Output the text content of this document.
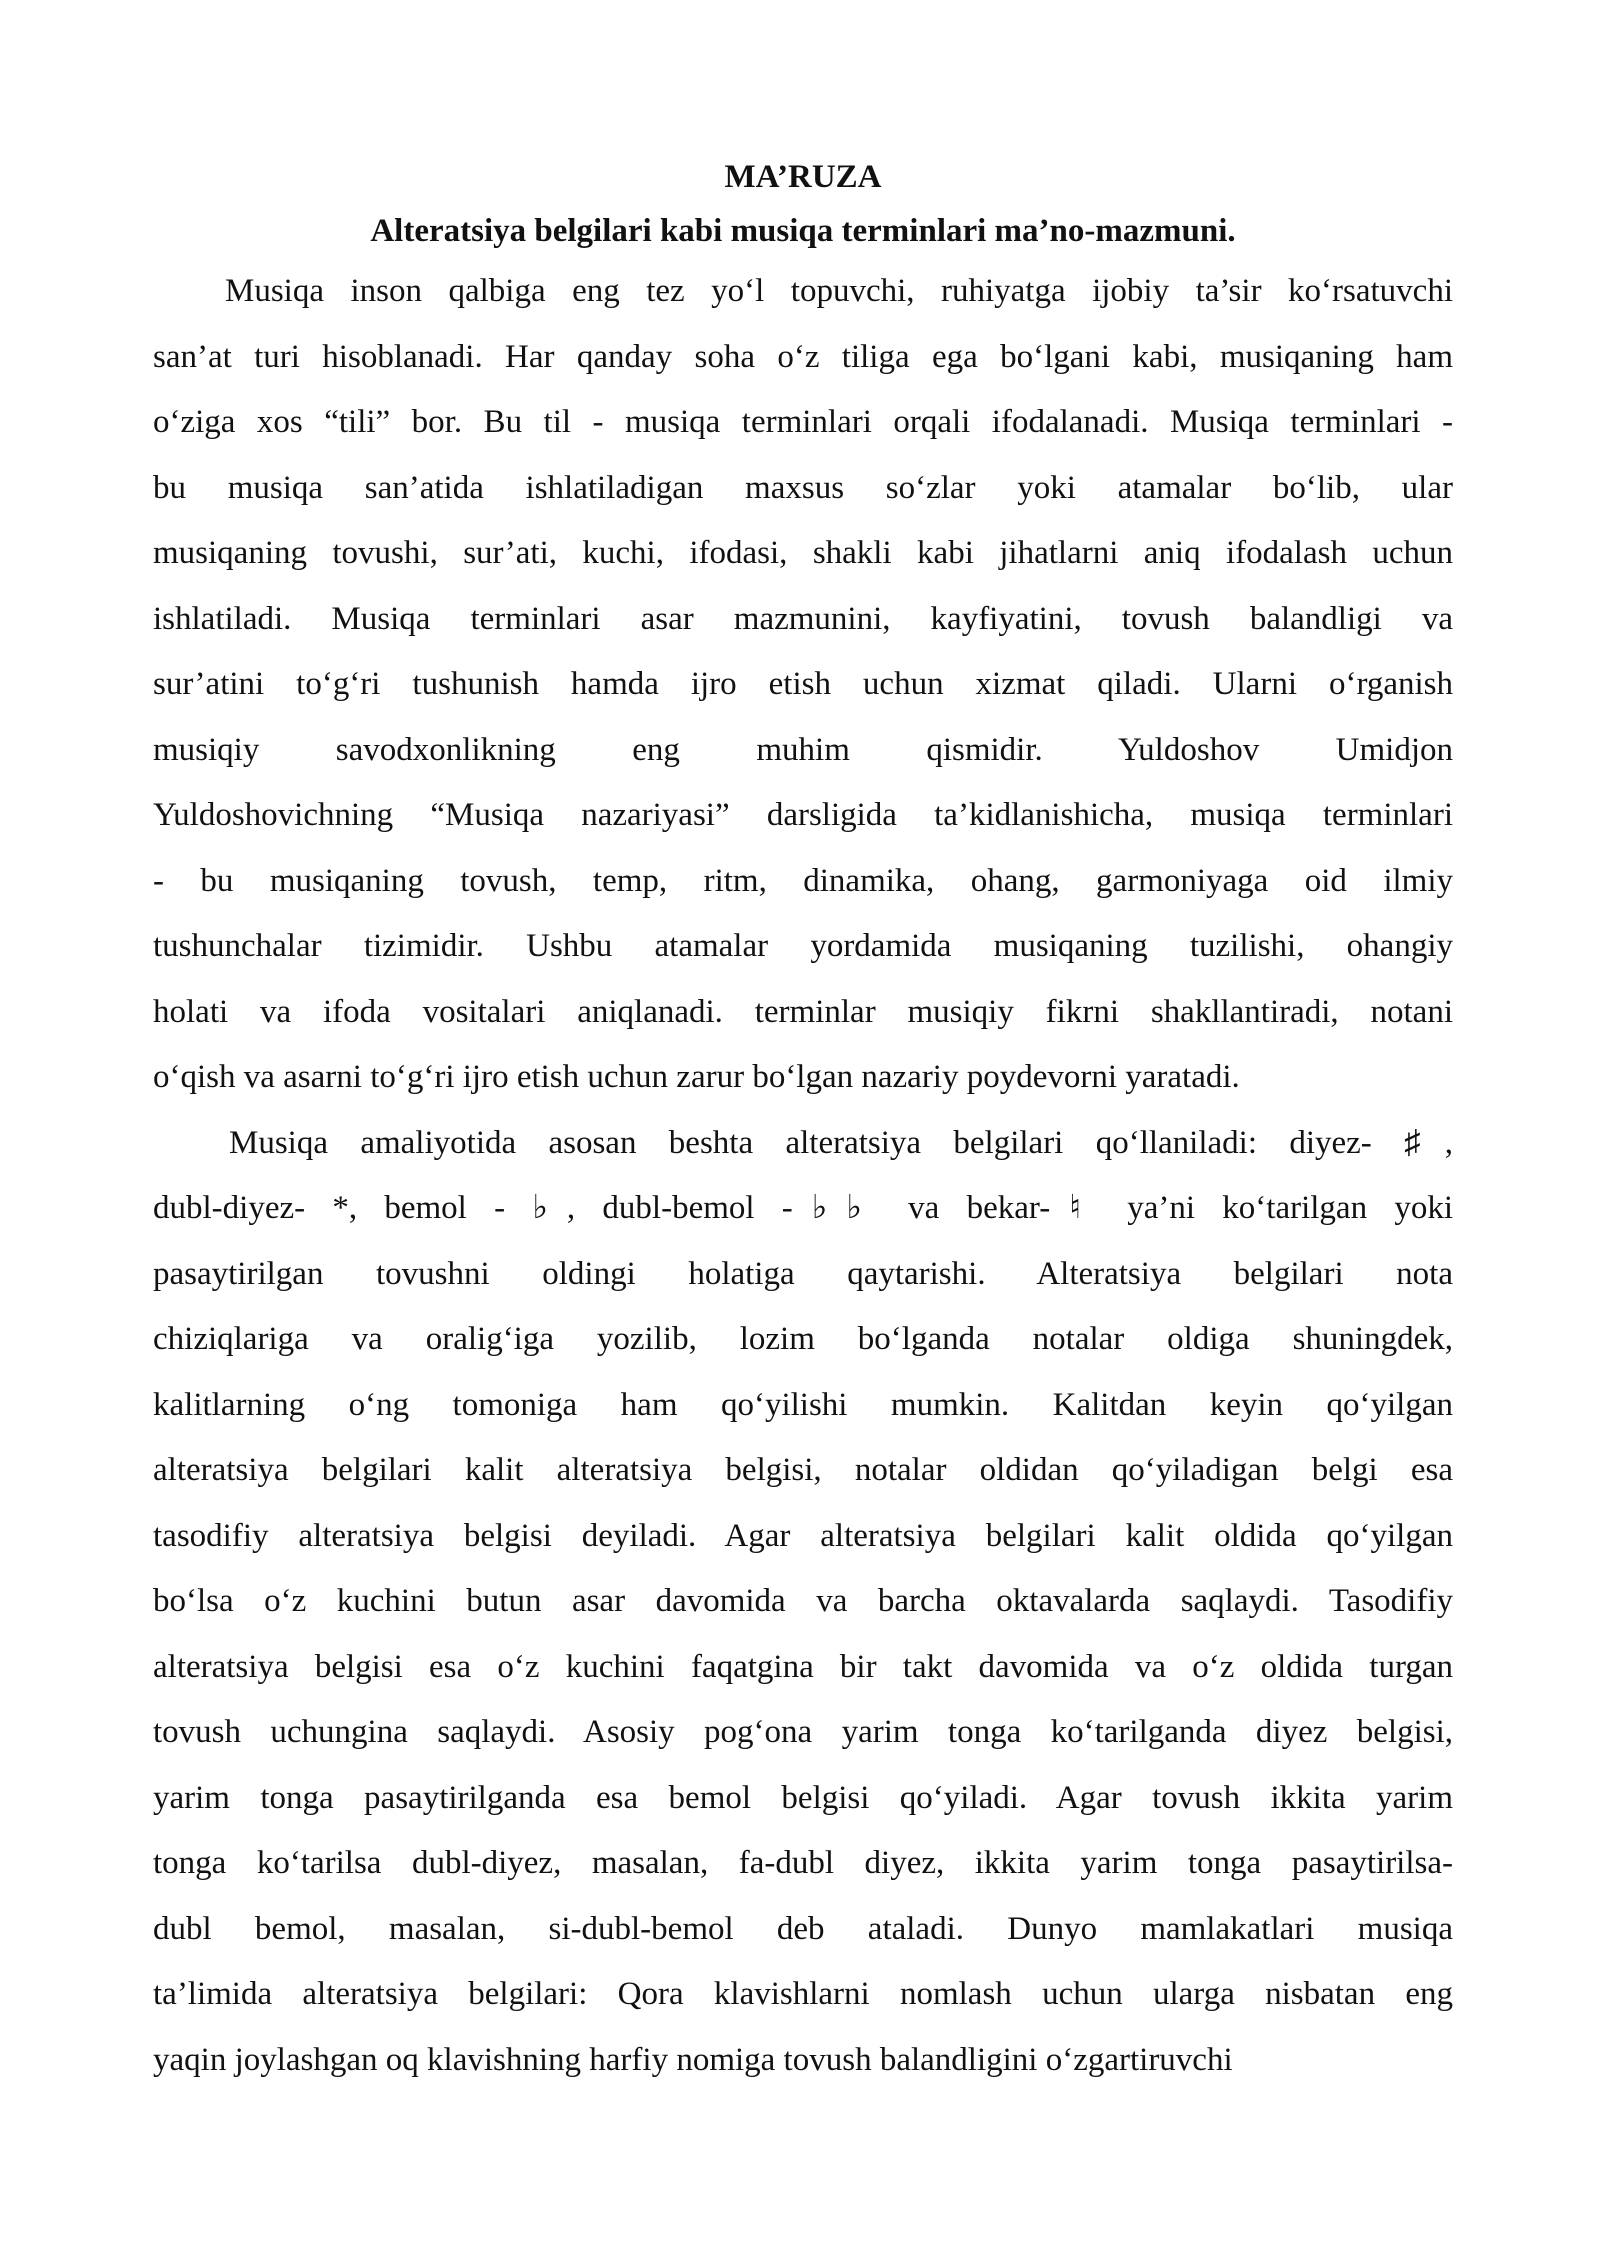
MA’RUZA

Alteratsiya belgilari kabi musiqa terminlari ma’no-mazmuni.

Musiqa inson qalbiga eng tez yo‘l topuvchi, ruhiyatga ijobiy ta’sir ko‘rsatuvchi
san’at turi hisoblanadi. Har qanday soha o‘z tiliga ega bo‘lgani kabi, musiqaning ham
o‘ziga xos “tili” bor. Bu til - musiqa terminlari orqali ifodalanadi. Musiqa terminlari -
bu musiqa san’atida ishlatiladigan maxsus so‘zlar yoki atamalar bo‘lib, ular
musiqaning tovushi, sur’ati, kuchi, ifodasi, shakli kabi jihatlarni aniq ifodalash uchun
ishlatiladi. Musiqa terminlari asar mazmunini, kayfiyatini, tovush balandligi va
sur’atini to‘g‘ri tushunish hamda ijro etish uchun xizmat qiladi. Ularni o‘rganish
musiqiy savodxonlikning eng muhim qismidir. Yuldoshov Umidjon
Yuldoshovichning “Musiqa nazariyasi” darsligida ta’kidlanishicha, musiqa terminlari
- bu musiqaning tovush, temp, ritm, dinamika, ohang, garmoniyaga oid ilmiy
tushunchalar tizimidir. Ushbu atamalar yordamida musiqaning tuzilishi, ohangiy
holati va ifoda vositalari aniqlanadi. terminlar musiqiy fikrni shakllantiradi, notani
o‘qish va asarni to‘g‘ri ijro etish uchun zarur bo‘lgan nazariy poydevorni yaratadi.
Musiqa amaliyotida asosan beshta alteratsiya belgilari qo‘llaniladi: diyez- ♯,
dubl-diyez- *, bemol - ♭, dubl-bemol -♭♭ va bekar-♮ ya’ni ko‘tarilgan yoki
pasaytirilgan tovushni oldingi holatiga qaytarishi. Alteratsiya belgilari nota
chiziqlariga va oralig‘iga yozilib, lozim bo‘lganda notalar oldiga shuningdek,
kalitlarning o‘ng tomoniga ham qo‘yilishi mumkin. Kalitdan keyin qo‘yilgan
alteratsiya belgilari kalit alteratsiya belgisi, notalar oldidan qo‘yiladigan belgi esa
tasodifiy alteratsiya belgisi deyiladi. Agar alteratsiya belgilari kalit oldida qo‘yilgan
bo‘lsa o‘z kuchini butun asar davomida va barcha oktavalarda saqlaydi. Tasodifiy
alteratsiya belgisi esa o‘z kuchini faqatgina bir takt davomida va o‘z oldida turgan
tovush uchungina saqlaydi. Asosiy pog‘ona yarim tonga ko‘tarilganda diyez belgisi,
yarim tonga pasaytirilganda esa bemol belgisi qo‘yiladi. Agar tovush ikkita yarim
tonga ko‘tarilsa dubl-diyez, masalan, fa-dubl diyez, ikkita yarim tonga pasaytirilsa-
dubl bemol, masalan, si-dubl-bemol deb ataladi. Dunyo mamlakatlari musiqa
ta’limida alteratsiya belgilari: Qora klavishlarni nomlash uchun ularga nisbatan eng
yaqin joylashgan oq klavishning harfiy nomiga tovush balandligini o‘zgartiruvchi
